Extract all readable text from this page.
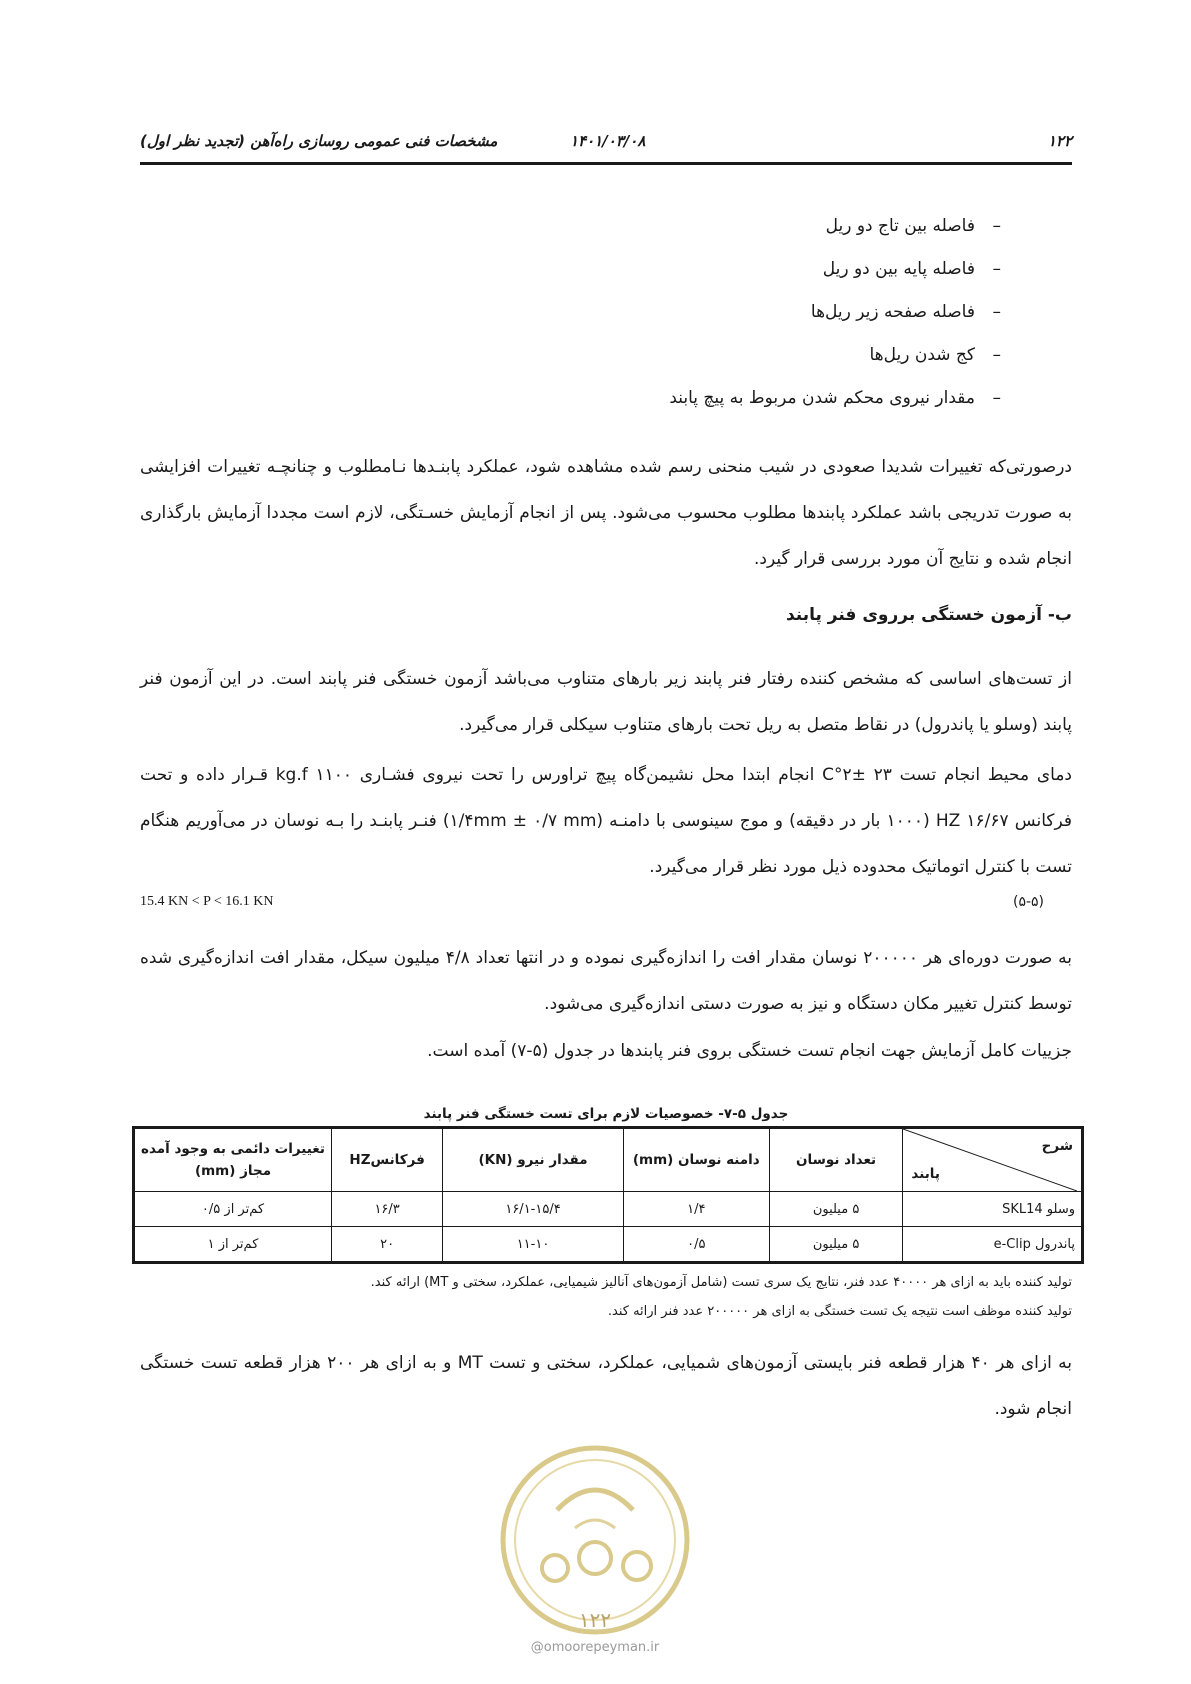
۱۲۲
۱۴۰۱/۰۳/۰۸
مشخصات فنی عمومی روسازی راه‌آهن (تجدید نظر اول)
–فاصله بین تاج دو ریل
–فاصله پایه بین دو ریل
–فاصله صفحه زیر ریل‌ها
–کج شدن ریل‌ها
–مقدار نیروی محکم شدن مربوط به پیچ پابند

درصورتی‌که تغییرات شدیدا صعودی در شیب منحنی رسم شده مشاهده شود، عملکرد پابنـدها نـامطلوب و چنانچـه تغییرات افزایشی به صورت تدریجی باشد عملکرد پابندها مطلوب محسوب می‌شود. پس از انجام آزمایش خسـتگی، لازم است مجددا آزمایش بارگذاری انجام شده و نتایج آن مورد بررسی قرار گیرد.

ب- آزمون خستگی برروی فنر پابند

از تست‌های اساسی که مشخص کننده رفتار فنر پابند زیر بارهای متناوب می‌باشد آزمون خستگی فنر پابند است. در این آزمون فنر پابند (وسلو یا پاندرول) در نقاط متصل به ریل تحت بارهای متناوب سیکلی قرار می‌گیرد.

دمای محیط انجام تست ۲۳ ±۲°C انجام ابتدا محل نشیمن‌گاه پیچ تراورس را تحت نیروی فشـاری ۱۱۰۰ kg.f قـرار داده و تحت فرکانس ۱۶/۶۷ HZ (۱۰۰۰ بار در دقیقه) و موج سینوسی با دامنـه (۱/۴mm ± ۰/۷ mm) فنـر پابنـد را بـه نوسان در می‌آوریم هنگام تست با کنترل اتوماتیک محدوده ذیل مورد نظر قرار می‌گیرد.

15.4 KN < P < 16.1 KN	(۵-۵)

به صورت دوره‌ای هر ۲۰۰۰۰۰ نوسان مقدار افت را اندازه‌گیری نموده و در انتها تعداد ۴/۸ میلیون سیکل، مقدار افت اندازه‌گیری شده توسط کنترل تغییر مکان دستگاه و نیز به صورت دستی اندازه‌گیری می‌شود.

جزییات کامل آزمایش جهت انجام تست خستگی بروی فنر پابندها در جدول (۵-۷) آمده است.

جدول ۵-۷- خصوصیات لازم برای تست خستگی فنر پابند
شرح
پابند	تعداد نوسان	دامنه نوسان (mm)	مقدار نیرو (KN)	فرکانسHZ	تغییرات دائمی به وجود آمده مجاز (mm)
وسلو SKL14	۵ میلیون	۱/۴	۱۶/۱-۱۵/۴	۱۶/۳	کم‌تر از ۰/۵
پاندرول e-Clip	۵ میلیون	۰/۵	۱۱-۱۰	۲۰	کم‌تر از ۱
تولید کننده باید به ازای هر ۴۰۰۰۰ عدد فنر، نتایج یک سری تست (شامل آزمون‌های آنالیز شیمیایی، عملکرد، سختی و MT) ارائه کند.
تولید کننده موظف است نتیجه یک تست خستگی به ازای هر ۲۰۰۰۰۰ عدد فنر ارائه کند.

به ازای هر ۴۰ هزار قطعه فنر بایستی آزمون‌های شمیایی، عملکرد، سختی و تست MT و به ازای هر ۲۰۰ هزار قطعه تست خستگی انجام شود.

۱۲۲
@omoorepeyman.ir
